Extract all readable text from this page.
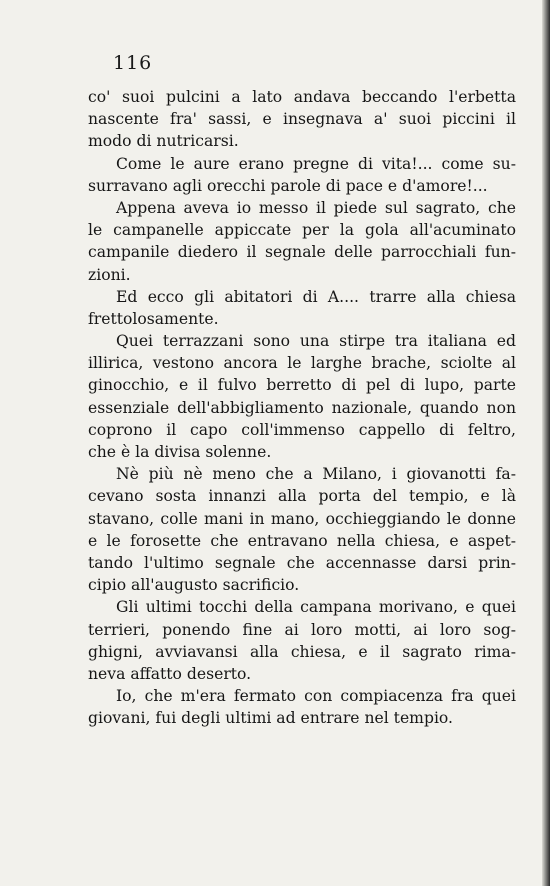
116
co' suoi pulcini a lato andava beccando l'erbetta
nascente fra' sassi, e insegnava a' suoi piccini il
modo di nutricarsi.
Come le aure erano pregne di vita!... come su-
surravano agli orecchi parole di pace e d'amore!...
Appena aveva io messo il piede sul sagrato, che
le campanelle appiccate per la gola all'acuminato
campanile diedero il segnale delle parrocchiali fun-
zioni.
Ed ecco gli abitatori di A.... trarre alla chiesa
frettolosamente.
Quei terrazzani sono una stirpe tra italiana ed
illirica, vestono ancora le larghe brache, sciolte al
ginocchio, e il fulvo berretto di pel di lupo, parte
essenziale dell'abbigliamento nazionale, quando non
coprono il capo coll'immenso cappello di feltro,
che è la divisa solenne.
Nè più nè meno che a Milano, i giovanotti fa-
cevano sosta innanzi alla porta del tempio, e là
stavano, colle mani in mano, occhieggiando le donne
e le forosette che entravano nella chiesa, e aspet-
tando l'ultimo segnale che accennasse darsi prin-
cipio all'augusto sacrificio.
Gli ultimi tocchi della campana morivano, e quei
terrieri, ponendo fine ai loro motti, ai loro sog-
ghigni, avviavansi alla chiesa, e il sagrato rima-
neva affatto deserto.
Io, che m'era fermato con compiacenza fra quei
giovani, fui degli ultimi ad entrare nel tempio.
